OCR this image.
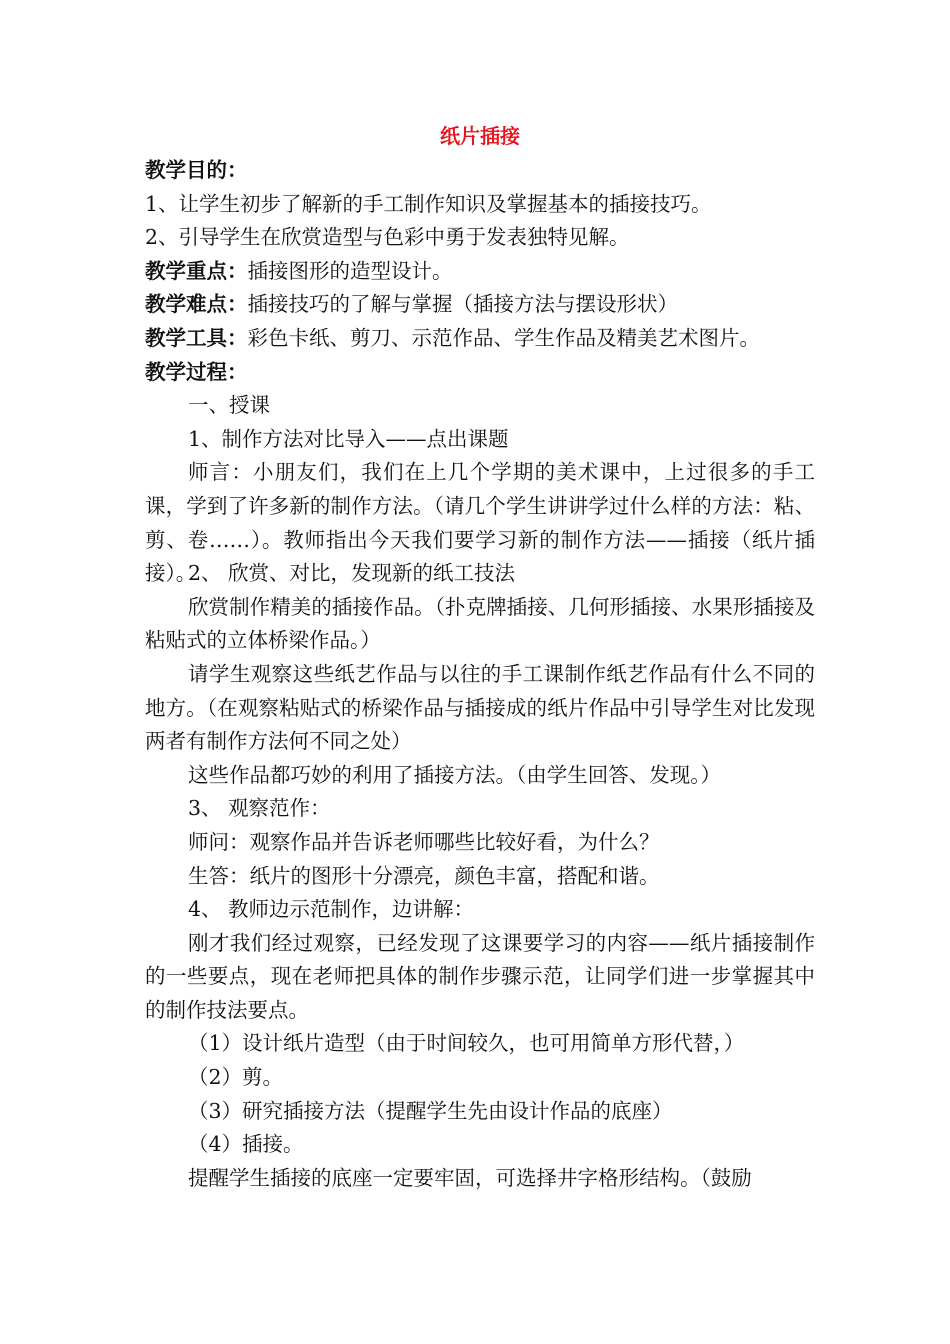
纸片插接

教学目的：

1、让学生初步了解新的手工制作知识及掌握基本的插接技巧。

2、引导学生在欣赏造型与色彩中勇于发表独特见解。

教学重点：插接图形的造型设计。

教学难点：插接技巧的了解与掌握（插接方法与摆设形状）

教学工具：彩色卡纸、剪刀、示范作品、学生作品及精美艺术图片。

教学过程：

一、授课

1、制作方法对比导入——点出课题

师言：小朋友们，我们在上几个学期的美术课中，上过很多的手工课，学到了许多新的制作方法。（请几个学生讲讲学过什么样的方法：粘、剪、卷……）。教师指出今天我们要学习新的制作方法——插接（纸片插接）。

2、 欣赏、对比，发现新的纸工技法

欣赏制作精美的插接作品。（扑克牌插接、几何形插接、水果形插接及粘贴式的立体桥梁作品。）

请学生观察这些纸艺作品与以往的手工课制作纸艺作品有什么不同的地方。（在观察粘贴式的桥梁作品与插接成的纸片作品中引导学生对比发现两者有制作方法何不同之处）

这些作品都巧妙的利用了插接方法。（由学生回答、发现。）

3、 观察范作：

师问：观察作品并告诉老师哪些比较好看，为什么？

生答：纸片的图形十分漂亮，颜色丰富，搭配和谐。

4、 教师边示范制作，边讲解：

刚才我们经过观察，已经发现了这课要学习的内容——纸片插接制作的一些要点，现在老师把具体的制作步骤示范，让同学们进一步掌握其中的制作技法要点。

（1）设计纸片造型（由于时间较久，也可用简单方形代替，）

（2）剪。

（3）研究插接方法（提醒学生先由设计作品的底座）

（4）插接。

提醒学生插接的底座一定要牢固，可选择井字格形结构。（鼓励
